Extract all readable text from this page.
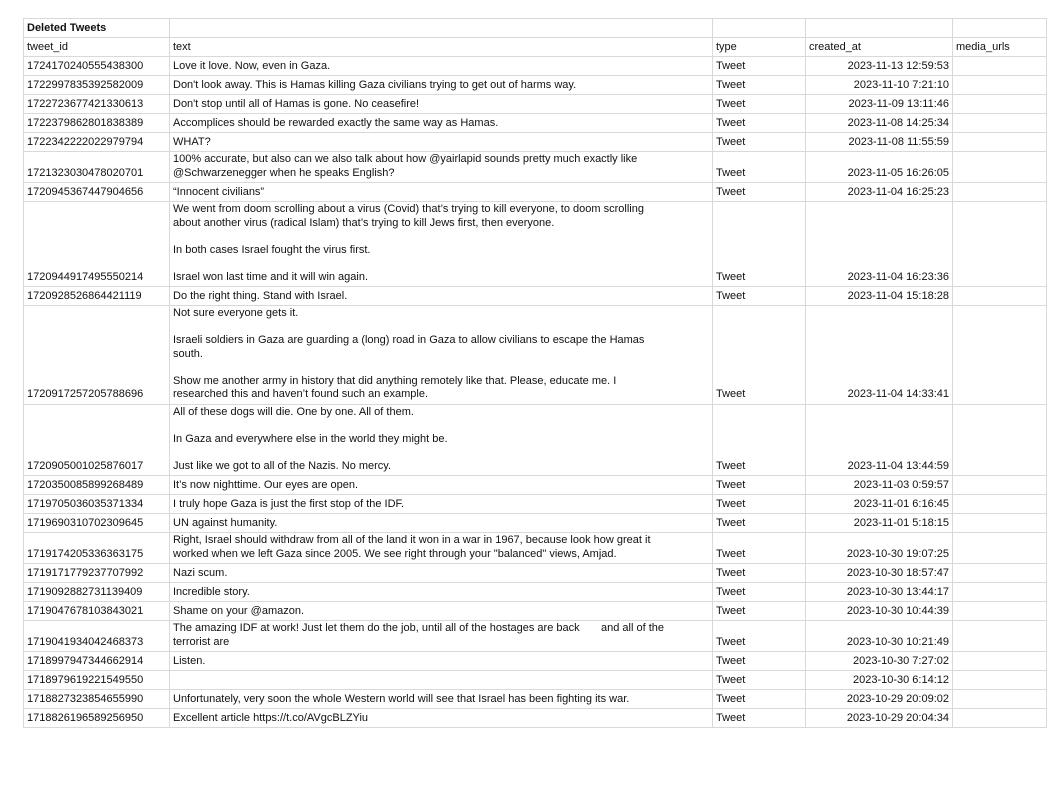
Deleted Tweets				
tweet_id	text	type	created_at	media_urls
1724170240555438300	Love it love. Now, even in Gaza.	Tweet	2023-11-13 12:59:53	
1722997835392582009	Don't look away. This is Hamas killing Gaza civilians trying to get out of harms way.	Tweet	2023-11-10 7:21:10	
1722723677421330613	Don't stop until all of Hamas is gone. No ceasefire!	Tweet	2023-11-09 13:11:46	
1722379862801838389	Accomplices should be rewarded exactly the same way as Hamas.	Tweet	2023-11-08 14:25:34	
1722342222022979794	WHAT?	Tweet	2023-11-08 11:55:59	
1721323030478020701	100% accurate, but also can we also talk about how @yairlapid sounds pretty much exactly like
@Schwarzenegger when he speaks English?	Tweet	2023-11-05 16:26:05	
1720945367447904656	“Innocent civilians”	Tweet	2023-11-04 16:25:23	
1720944917495550214	We went from doom scrolling about a virus (Covid) that’s trying to kill everyone, to doom scrolling
about another virus (radical Islam) that’s trying to kill Jews first, then everyone.

In both cases Israel fought the virus first.

Israel won last time and it will win again.	Tweet	2023-11-04 16:23:36	
1720928526864421119	Do the right thing. Stand with Israel.	Tweet	2023-11-04 15:18:28	
1720917257205788696	Not sure everyone gets it.

Israeli soldiers in Gaza are guarding a (long) road in Gaza to allow civilians to escape the Hamas
south.

Show me another army in history that did anything remotely like that. Please, educate me. I
researched this and haven’t found such an example.	Tweet	2023-11-04 14:33:41	
1720905001025876017	All of these dogs will die. One by one. All of them.

In Gaza and everywhere else in the world they might be.

Just like we got to all of the Nazis. No mercy.	Tweet	2023-11-04 13:44:59	
1720350085899268489	It’s now nighttime. Our eyes are open.	Tweet	2023-11-03 0:59:57	
1719705036035371334	I truly hope Gaza is just the first stop of the IDF.	Tweet	2023-11-01 6:16:45	
1719690310702309645	UN against humanity.	Tweet	2023-11-01 5:18:15	
1719174205336363175	Right, Israel should withdraw from all of the land it won in a war in 1967, because look how great it
worked when we left Gaza since 2005. We see right through your "balanced" views, Amjad.	Tweet	2023-10-30 19:07:25	
1719171779237707992	Nazi scum.	Tweet	2023-10-30 18:57:47	
1719092882731139409	Incredible story.	Tweet	2023-10-30 13:44:17	
1719047678103843021	Shame on your @amazon.	Tweet	2023-10-30 10:44:39	
1719041934042468373	The amazing IDF at work! Just let them do the job, until all of the hostages are back       and all of the
terrorist are	Tweet	2023-10-30 10:21:49	
1718997947344662914	Listen.	Tweet	2023-10-30 7:27:02	
1718979619221549550		Tweet	2023-10-30 6:14:12	
1718827323854655990	Unfortunately, very soon the whole Western world will see that Israel has been fighting its war.	Tweet	2023-10-29 20:09:02	
1718826196589256950	Excellent article https://t.co/AVgcBLZYiu	Tweet	2023-10-29 20:04:34	
